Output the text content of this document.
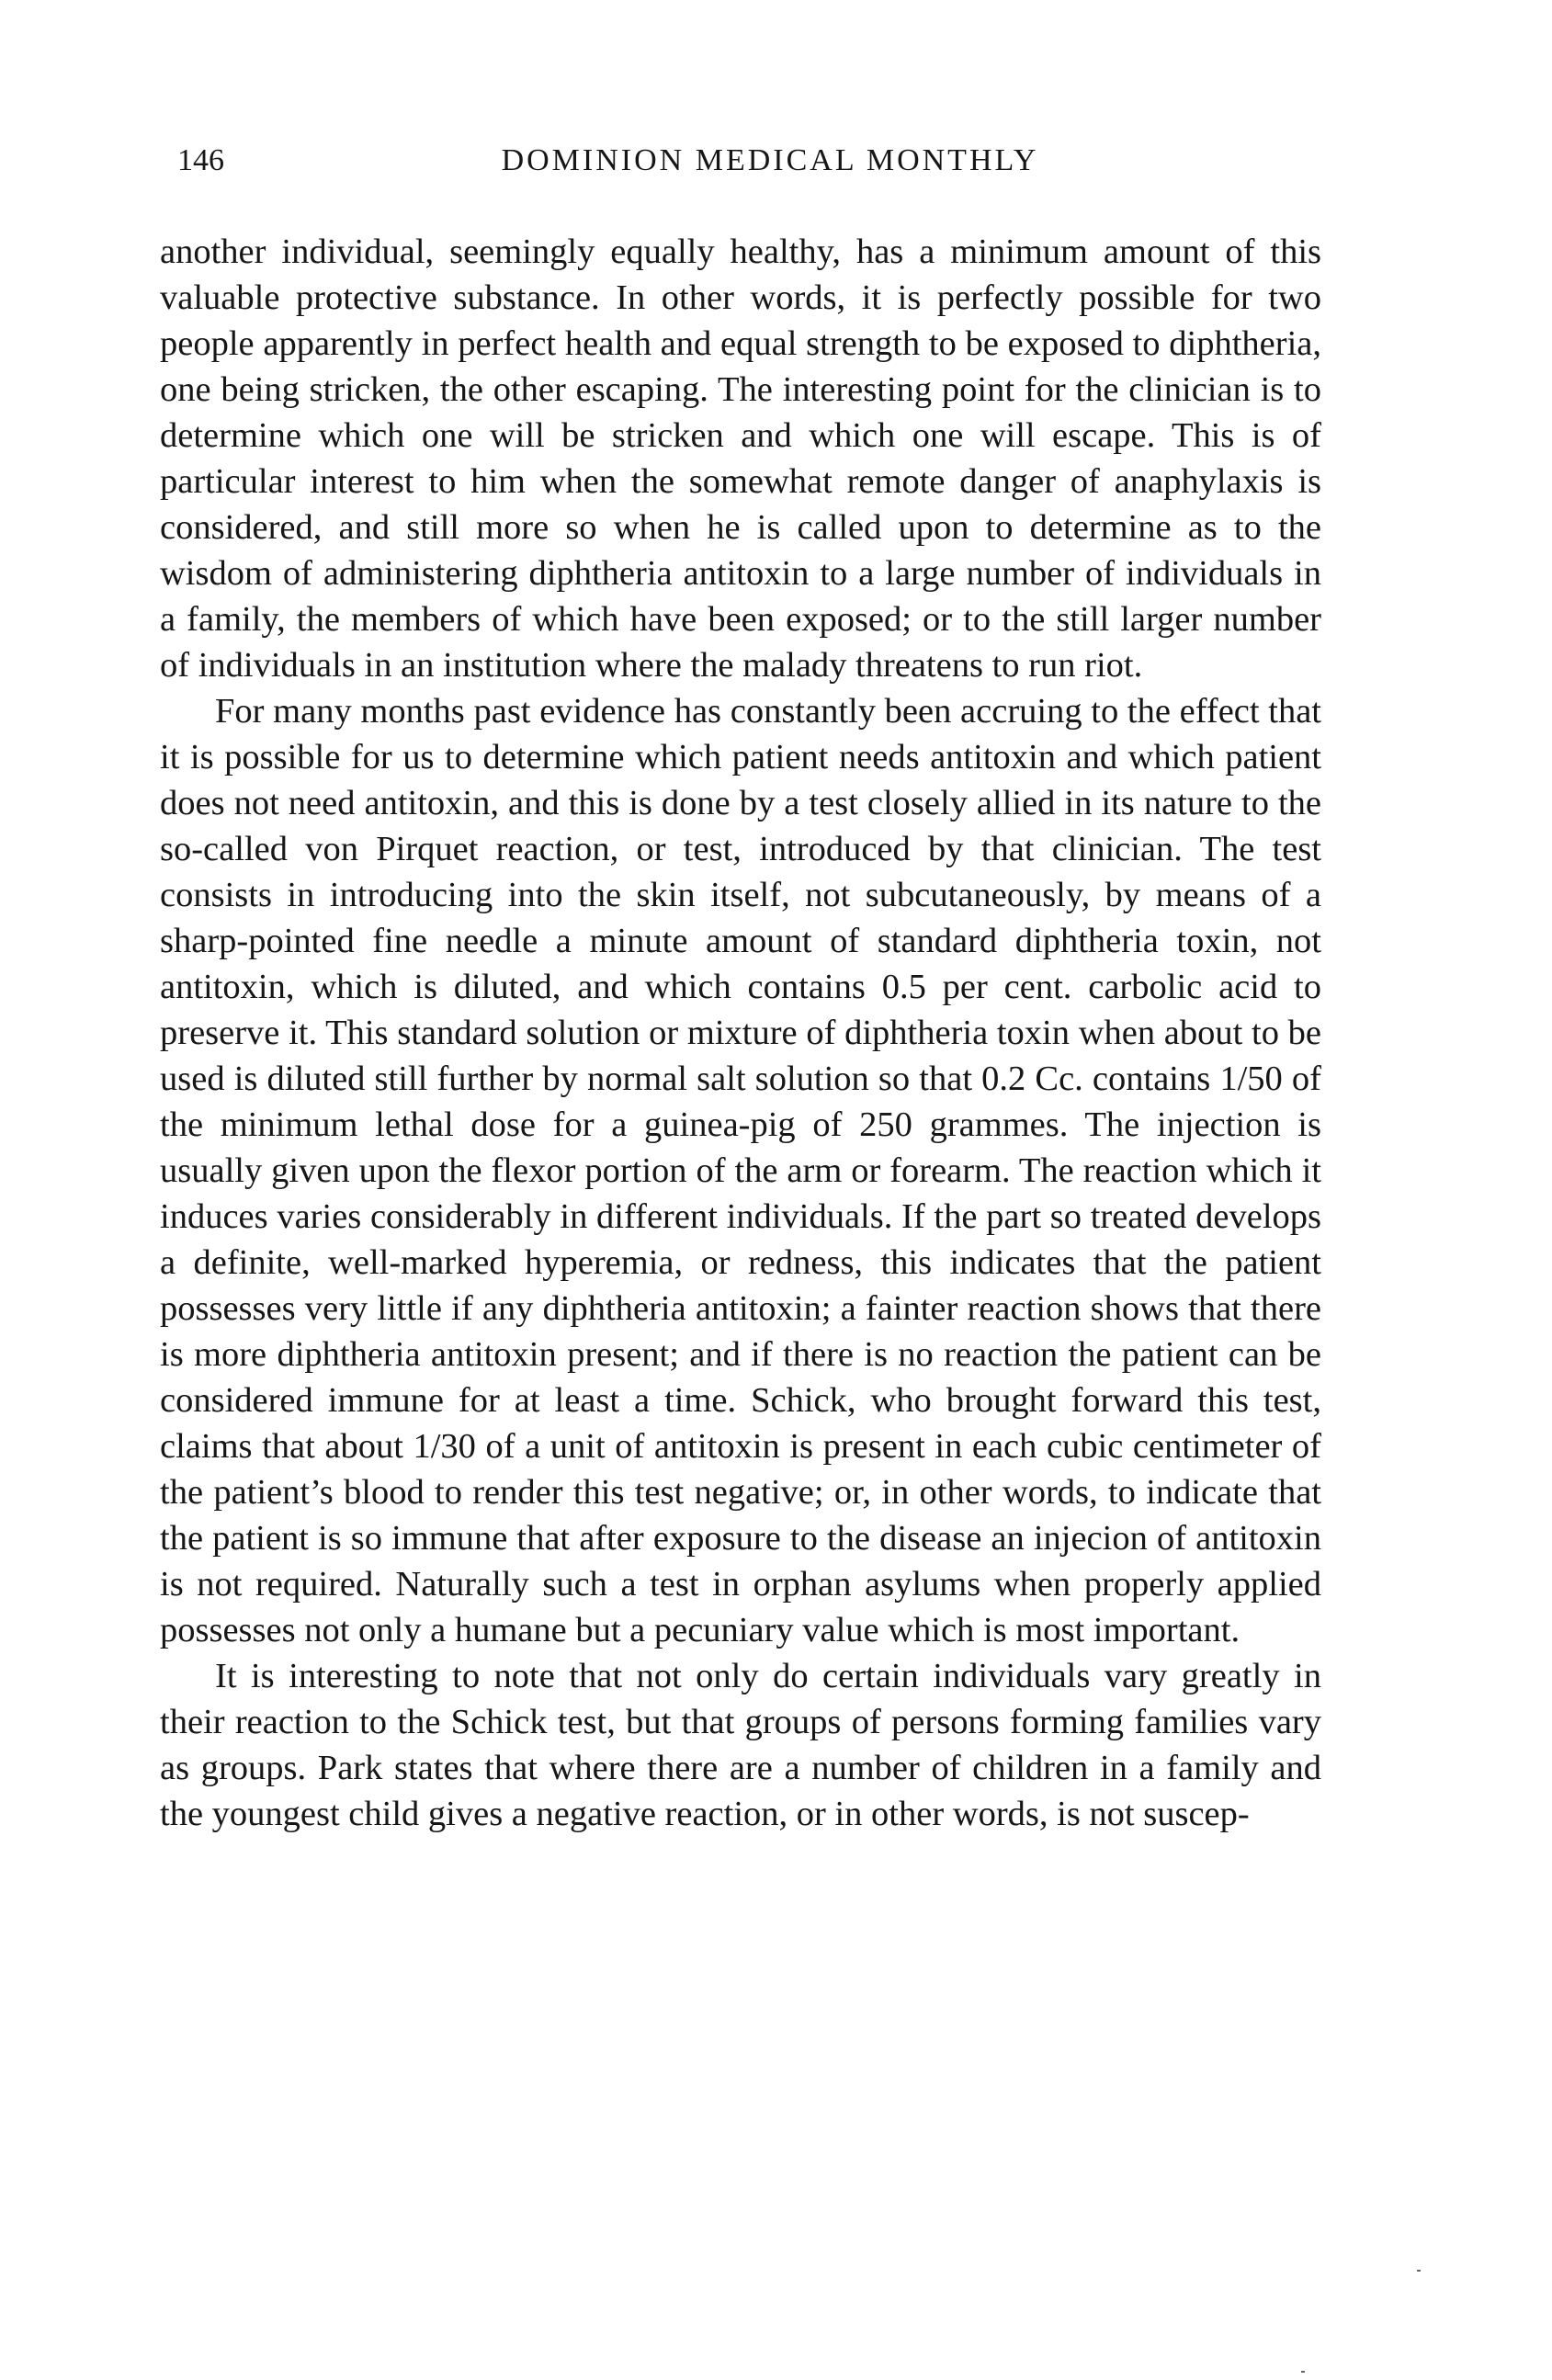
146	DOMINION MEDICAL MONTHLY

another individual, seemingly equally healthy, has a minimum amount of this valuable protective substance. In other words, it is perfectly possible for two people apparently in perfect health and equal strength to be exposed to diphtheria, one being stricken, the other escaping. The interesting point for the clinician is to determine which one will be stricken and which one will escape. This is of particular interest to him when the somewhat remote danger of anaphylaxis is considered, and still more so when he is called upon to determine as to the wisdom of administering diphtheria antitoxin to a large number of individuals in a family, the members of which have been exposed; or to the still larger number of individuals in an institution where the malady threatens to run riot.

For many months past evidence has constantly been accruing to the effect that it is possible for us to determine which patient needs antitoxin and which patient does not need antitoxin, and this is done by a test closely allied in its nature to the so-called von Pirquet reaction, or test, introduced by that clinician. The test consists in introducing into the skin itself, not subcutaneously, by means of a sharp-pointed fine needle a minute amount of standard diphtheria toxin, not antitoxin, which is diluted, and which contains 0.5 per cent. carbolic acid to preserve it. This standard solution or mixture of diphtheria toxin when about to be used is diluted still further by normal salt solution so that 0.2 Cc. contains 1/50 of the minimum lethal dose for a guinea-pig of 250 grammes. The injection is usually given upon the flexor portion of the arm or forearm. The reaction which it induces varies considerably in different individuals. If the part so treated develops a definite, well-marked hyperemia, or redness, this indicates that the patient possesses very little if any diphtheria antitoxin; a fainter reaction shows that there is more diphtheria antitoxin present; and if there is no reaction the patient can be considered immune for at least a time. Schick, who brought forward this test, claims that about 1/30 of a unit of antitoxin is present in each cubic centimeter of the patient’s blood to render this test negative; or, in other words, to indicate that the patient is so immune that after exposure to the disease an injecion of antitoxin is not required. Naturally such a test in orphan asylums when properly applied possesses not only a humane but a pecuniary value which is most important.

It is interesting to note that not only do certain individuals vary greatly in their reaction to the Schick test, but that groups of persons forming families vary as groups. Park states that where there are a number of children in a family and the youngest child gives a negative reaction, or in other words, is not suscep-
